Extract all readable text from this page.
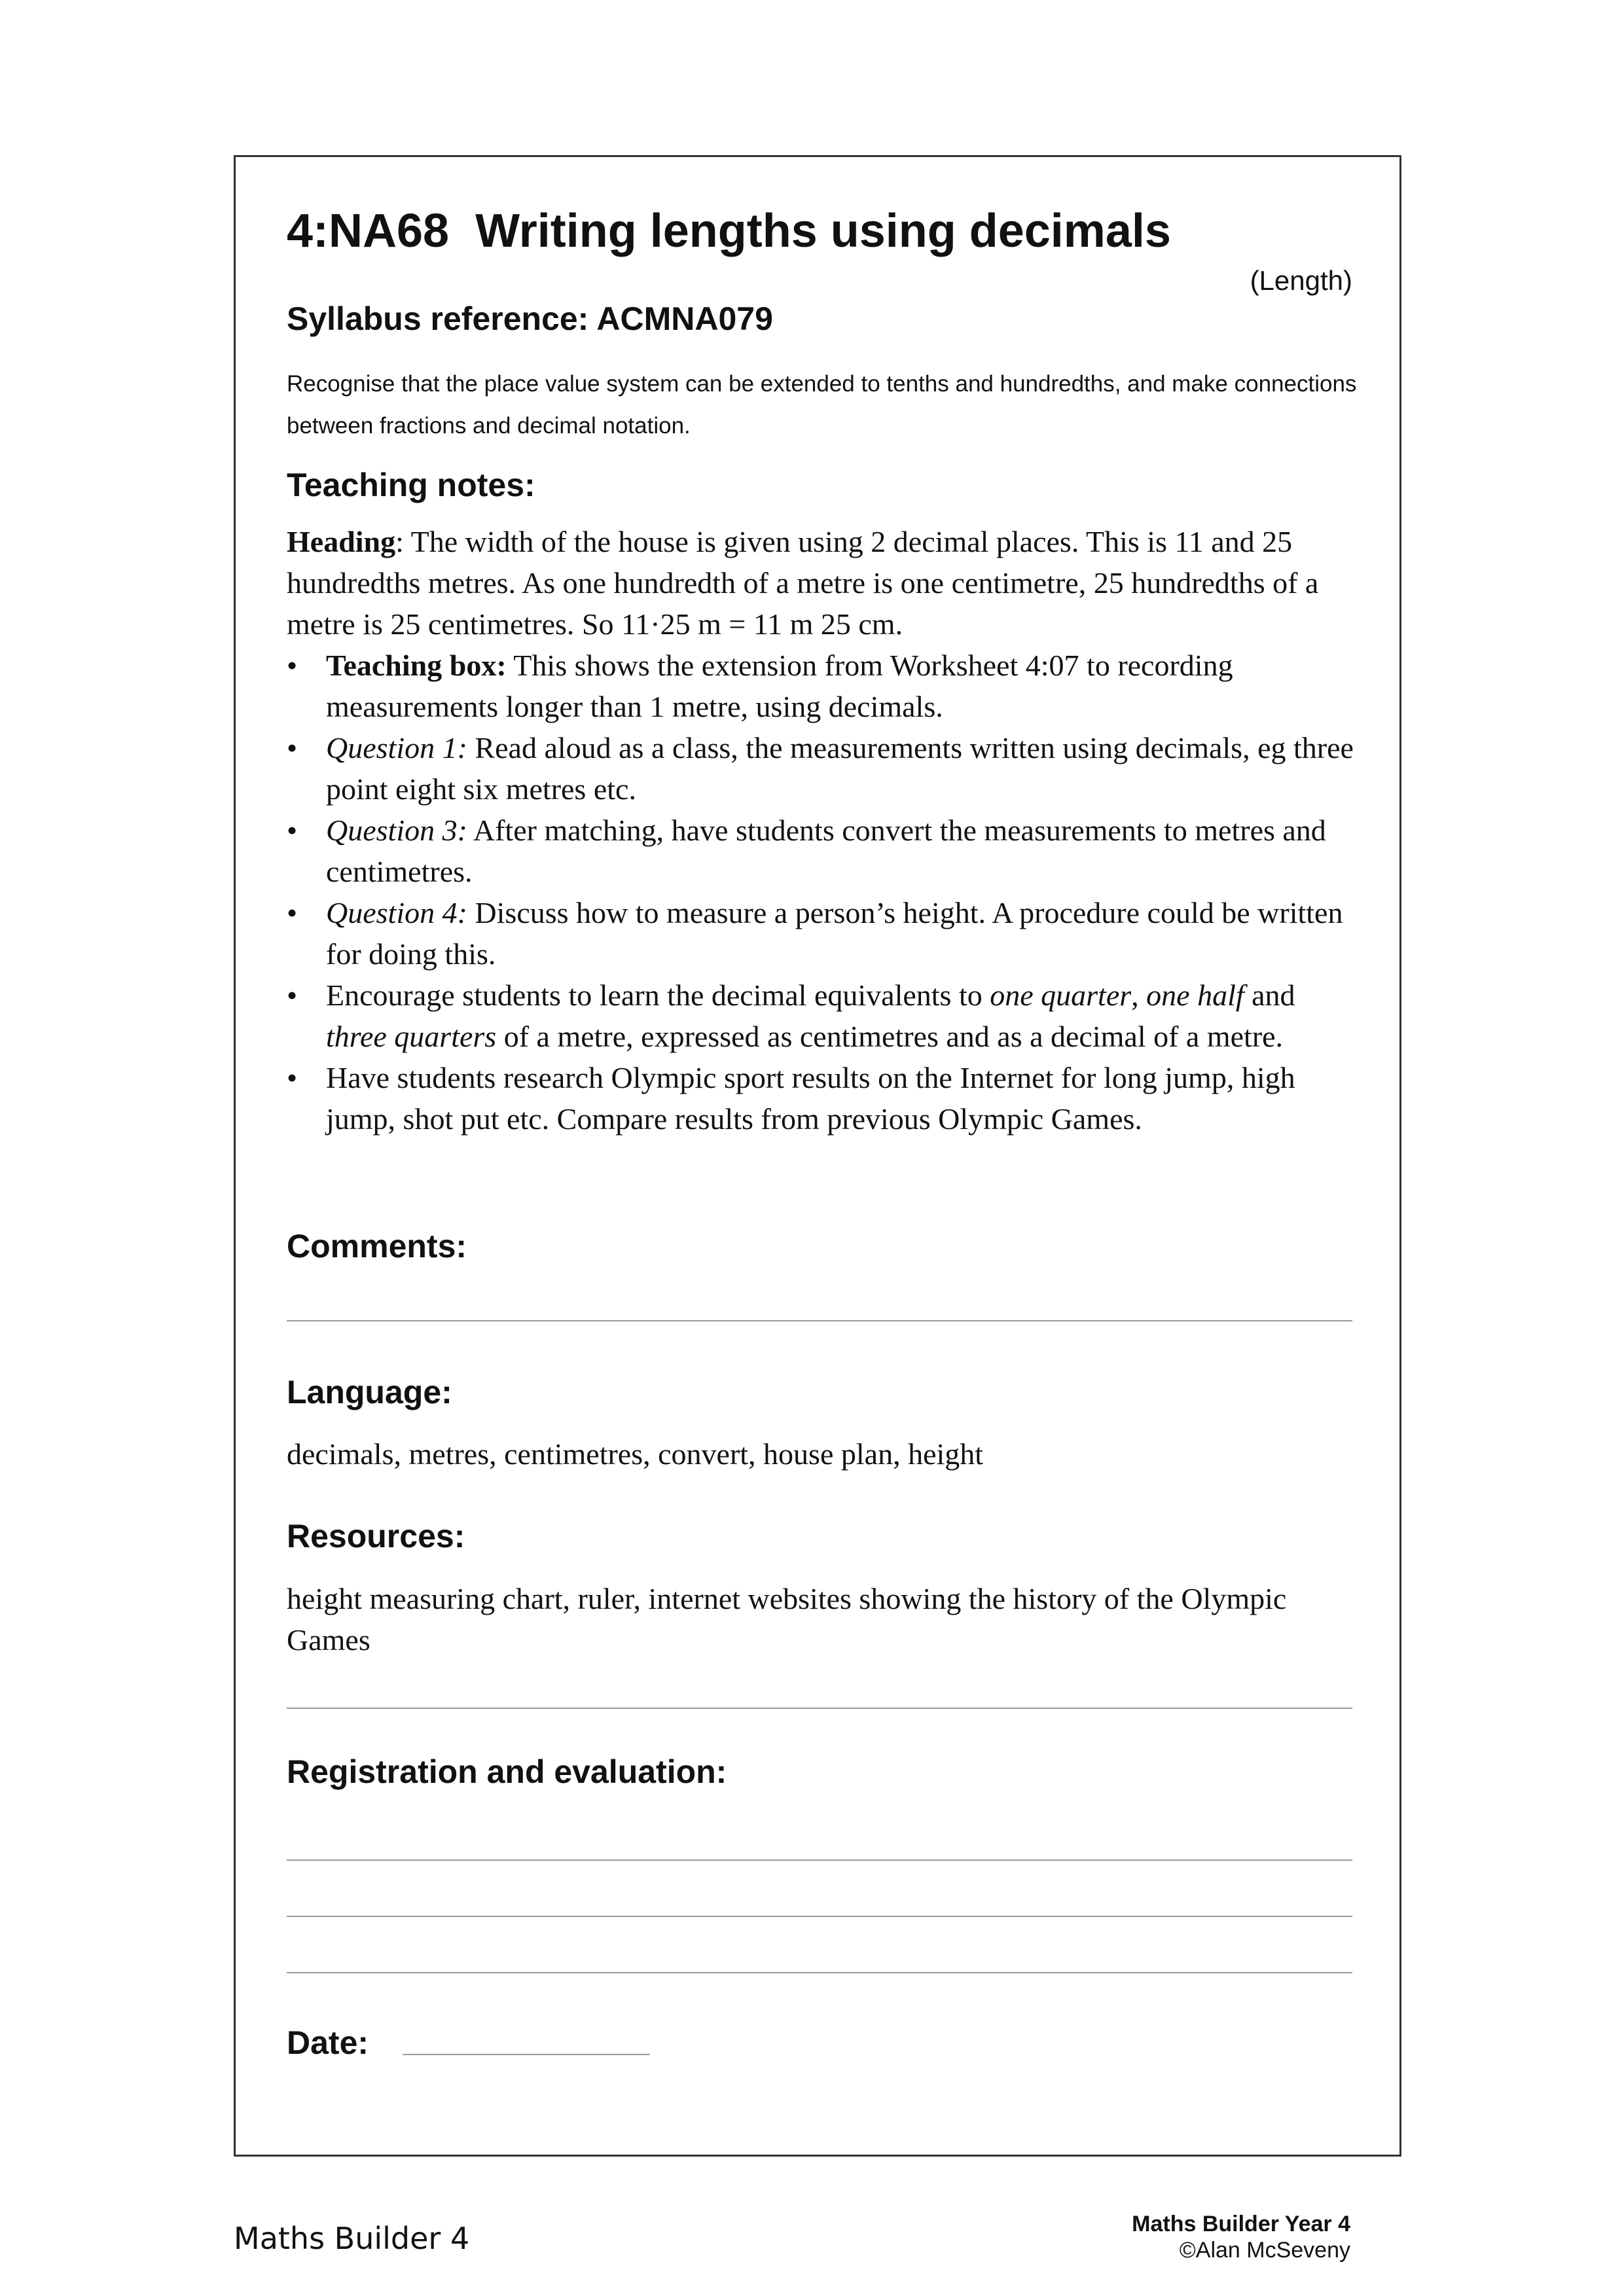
4:NA68 Writing lengths using decimals
(Length)
Syllabus reference: ACMNA079
Recognise that the place value system can be extended to tenths and hundredths, and make connections between fractions and decimal notation.
Teaching notes:

Heading: The width of the house is given using 2 decimal places. This is 11 and 25 hundredths metres. As one hundredth of a metre is one centimetre, 25 hundredths of a metre is 25 centimetres. So 11·25 m = 11 m 25 cm.

• Teaching box: This shows the extension from Worksheet 4:07 to recording measurements longer than 1 metre, using decimals.
• Question 1: Read aloud as a class, the measurements written using decimals, eg three point eight six metres etc.
• Question 3: After matching, have students convert the measurements to metres and centimetres.
• Question 4: Discuss how to measure a person’s height. A procedure could be written for doing this.
• Encourage students to learn the decimal equivalents to one quarter, one half and three quarters of a metre, expressed as centimetres and as a decimal of a metre.
• Have students research Olympic sport results on the Internet for long jump, high jump, shot put etc. Compare results from previous Olympic Games.
Comments:
Language:
decimals, metres, centimetres, convert, house plan, height
Resources:
height measuring chart, ruler, internet websites showing the history of the Olympic Games
Registration and evaluation:
Date:
Maths Builder 4	Maths Builder Year 4
©Alan McSeveny
